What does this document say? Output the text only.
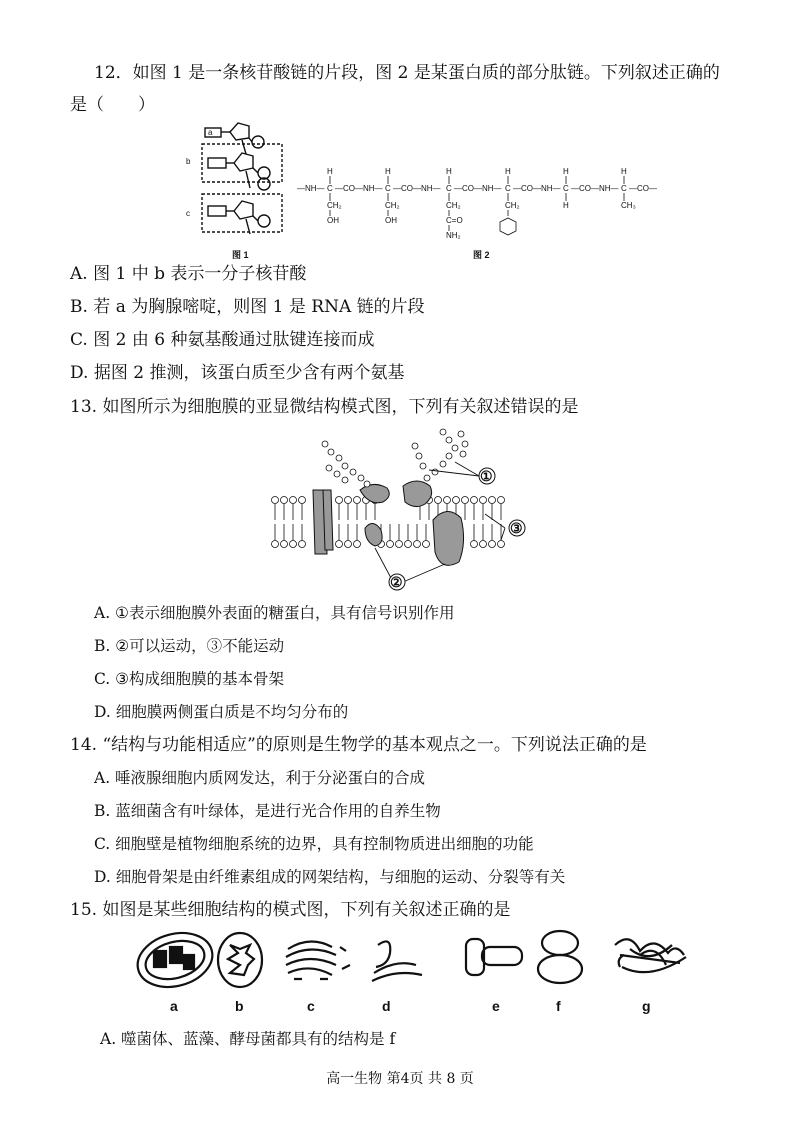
12．如图 1 是一条核苷酸链的片段，图 2 是某蛋白质的部分肽链。下列叙述正确的
是（　　）
a
b
c
图 1
—NH— C —CO—NH— C —CO—NH— C —CO—NH— C —CO—NH— C —CO—NH— C —CO—
H	H	H	H	H	H
CH₂
OH
CH₂
OH
CH₂
C=O
NH₂
CH₂	H	CH₃
图 2
A. 图 1 中 b 表示一分子核苷酸
B. 若 a 为胸腺嘧啶，则图 1 是 RNA 链的片段
C. 图 2 由 6 种氨基酸通过肽键连接而成
D. 据图 2 推测，该蛋白质至少含有两个氨基
13. 如图所示为细胞膜的亚显微结构模式图，下列有关叙述错误的是
①
③
②
A. ①表示细胞膜外表面的糖蛋白，具有信号识别作用
B. ②可以运动，③不能运动
C. ③构成细胞膜的基本骨架
D. 细胞膜两侧蛋白质是不均匀分布的
14. “结构与功能相适应”的原则是生物学的基本观点之一。下列说法正确的是
A. 唾液腺细胞内质网发达，利于分泌蛋白的合成
B. 蓝细菌含有叶绿体，是进行光合作用的自养生物
C. 细胞壁是植物细胞系统的边界，具有控制物质进出细胞的功能
D. 细胞骨架是由纤维素组成的网架结构，与细胞的运动、分裂等有关
15. 如图是某些细胞结构的模式图，下列有关叙述正确的是
a	b	c	d	e	f	g
A. 噬菌体、蓝藻、酵母菌都具有的结构是 f
高一生物 第4页 共 8 页
